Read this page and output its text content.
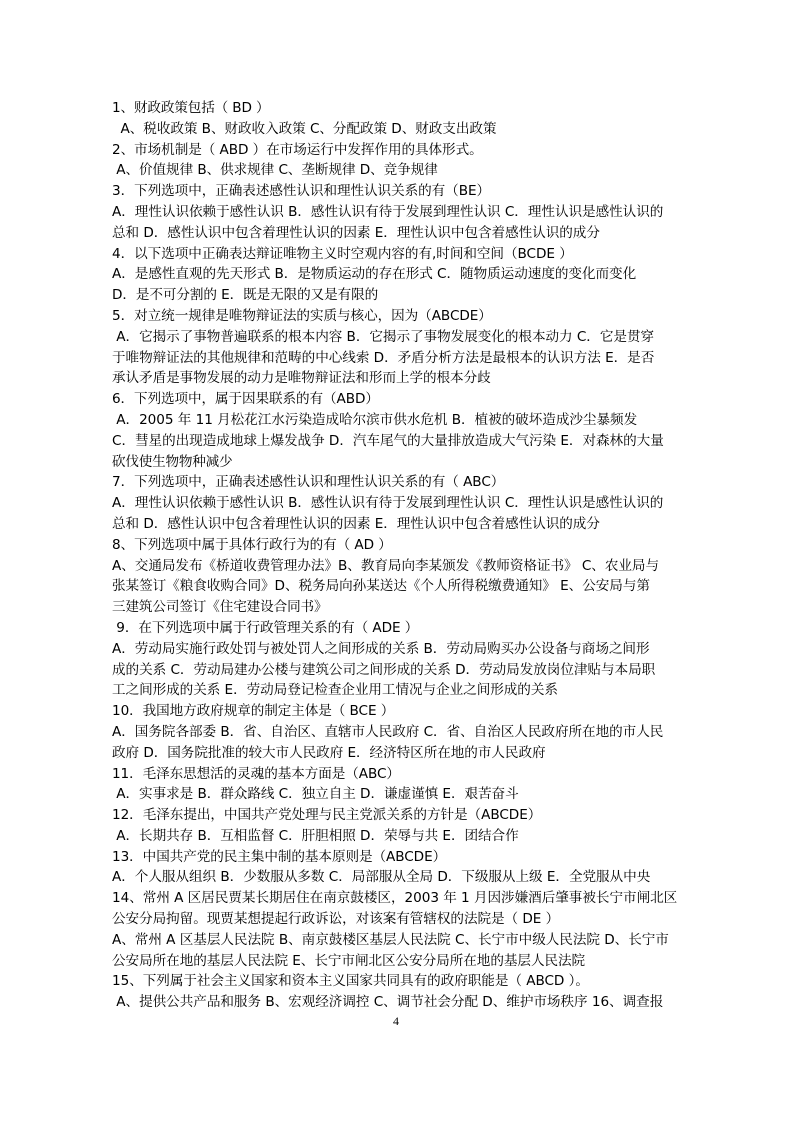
1、财政政策包括（ BD ）
A、税收政策 B、财政收入政策 C、分配政策 D、财政支出政策
2、市场机制是（ ABD ）在市场运行中发挥作用的具体形式。
A、价值规律 B、供求规律 C、垄断规律 D、竞争规律
3．下列选项中，正确表述感性认识和理性认识关系的有（BE）
A．理性认识依赖于感性认识 B．感性认识有待于发展到理性认识 C．理性认识是感性认识的
总和 D．感性认识中包含着理性认识的因素 E．理性认识中包含着感性认识的成分
4．以下选项中正确表达辩证唯物主义时空观内容的有,时间和空间（BCDE ）
A．是感性直观的先天形式 B．是物质运动的存在形式 C．随物质运动速度的变化而变化
D．是不可分割的 E．既是无限的又是有限的
5．对立统一规律是唯物辩证法的实质与核心，因为（ABCDE）
A．它揭示了事物普遍联系的根本内容 B．它揭示了事物发展变化的根本动力 C．它是贯穿
于唯物辩证法的其他规律和范畴的中心线索 D．矛盾分析方法是最根本的认识方法 E．是否
承认矛盾是事物发展的动力是唯物辩证法和形而上学的根本分歧
6．下列选项中，属于因果联系的有（ABD）
A．2005 年 11 月松花江水污染造成哈尔滨市供水危机 B．植被的破坏造成沙尘暴频发
C．彗星的出现造成地球上爆发战争 D．汽车尾气的大量排放造成大气污染 E．对森林的大量
砍伐使生物物种减少
7．下列选项中，正确表述感性认识和理性认识关系的有（ ABC）
A．理性认识依赖于感性认识 B．感性认识有待于发展到理性认识 C．理性认识是感性认识的
总和 D．感性认识中包含着理性认识的因素 E．理性认识中包含着感性认识的成分
8、下列选项中属于具体行政行为的有（ AD ）
A、交通局发布《桥道收费管理办法》B、教育局向李某颁发《教师资格证书》 C、农业局与
张某签订《粮食收购合同》D、税务局向孙某送达《个人所得税缴费通知》 E、公安局与第
三建筑公司签订《住宅建设合同书》
9．在下列选项中属于行政管理关系的有（ ADE ）
A．劳动局实施行政处罚与被处罚人之间形成的关系 B．劳动局购买办公设备与商场之间形
成的关系 C．劳动局建办公楼与建筑公司之间形成的关系 D．劳动局发放岗位津贴与本局职
工之间形成的关系 E．劳动局登记检查企业用工情况与企业之间形成的关系
10．我国地方政府规章的制定主体是（ BCE ）
A．国务院各部委 B．省、自治区、直辖市人民政府 C．省、自治区人民政府所在地的市人民
政府 D．国务院批准的较大市人民政府 E．经济特区所在地的市人民政府
11．毛泽东思想活的灵魂的基本方面是（ABC）
A．实事求是 B．群众路线 C．独立自主 D．谦虚谨慎 E．艰苦奋斗
12．毛泽东提出，中国共产党处理与民主党派关系的方针是（ABCDE）
A．长期共存 B．互相监督 C．肝胆相照 D．荣辱与共 E．团结合作
13．中国共产党的民主集中制的基本原则是（ABCDE）
A．个人服从组织 B．少数服从多数 C．局部服从全局 D．下级服从上级 E．全党服从中央
14、常州 A 区居民贾某长期居住在南京鼓楼区，2003 年 1 月因涉嫌酒后肇事被长宁市闸北区
公安分局拘留。现贾某想提起行政诉讼，对该案有管辖权的法院是（ DE ）
A、常州 A 区基层人民法院 B、南京鼓楼区基层人民法院 C、长宁市中级人民法院 D、长宁市
公安局所在地的基层人民法院 E、长宁市闸北区公安分局所在地的基层人民法院
15、下列属于社会主义国家和资本主义国家共同具有的政府职能是（ ABCD ）。
A、提供公共产品和服务 B、宏观经济调控 C、调节社会分配 D、维护市场秩序 16、调查报
4
